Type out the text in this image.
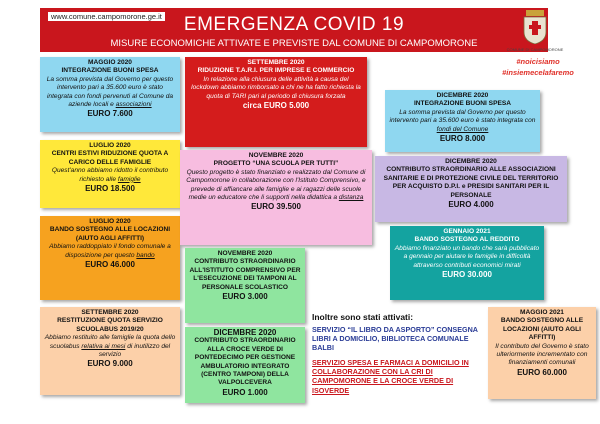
www.comune.campomorone.ge.it	EMERGENZA COVID 19
MISURE ECONOMICHE ATTIVATE E PREVISTE DAL COMUNE DI CAMPOMORONE
COMUNE DI CAMPOMORONE
#noicisiamo
#insiemecelafaremo
MAGGIO 2020
INTEGRAZIONE BUONI SPESA
La somma prevista dal Governo per questo intervento pari a 35.600 euro è stato integrata con fondi pervenuti al Comune da aziende locali e associazioni
EURO 7.600
LUGLIO 2020
CENTRI ESTIVI RIDUZIONE QUOTA A CARICO DELLE FAMIGLIE
Quest'anno abbiamo ridotto il contributo richiesto alle famiglie
EURO 18.500
LUGLIO 2020
BANDO SOSTEGNO ALLE LOCAZIONI (AIUTO AGLI AFFITTI)
Abbiamo raddoppiato il fondo comunale a disposizione per questo bando
EURO 46.000
SETTEMBRE 2020
RESTITUZIONE QUOTA SERVIZIO SCUOLABUS 2019/20
Abbiamo restituito alle famiglie la quota dello scuolabus relativa ai mesi di inutilizzo del servizio
EURO 9.000
SETTEMBRE 2020
RIDUZIONE T.A.R.I. PER IMPRESE E COMMERCIO
In relazione alla chiusura delle attività a causa del lockdown abbiamo rimborsato a chi ne ha fatto richiesta la quota di TARI pari al periodo di chiusura forzata
circa EURO 5.000
NOVEMBRE 2020
PROGETTO “UNA SCUOLA PER TUTTI”
Questo progetto è stato finanziato e realizzato dal Comune di Campomorone in collaborazione con l'Istituto Comprensivo, e prevede di affiancare alle famiglie e ai ragazzi delle scuole medie un educatore che li supporti nella didattica a distanza
EURO 39.500
NOVEMBRE 2020
CONTRIBUTO STRAORDINARIO ALL'ISTITUTO COMPRENSIVO PER L'ESECUZIONE DEI TAMPONI AL PERSONALE SCOLASTICO
EURO 3.000
DICEMBRE 2020
CONTRIBUTO STRAORDINARIO ALLA CROCE VERDE DI PONTEDECIMO PER GESTIONE AMBULATORIO INTEGRATO (CENTRO TAMPONI) DELLA VALPOLCEVERA
EURO 1.000
DICEMBRE 2020
INTEGRAZIONE BUONI SPESA
La somma prevista dal Governo per questo intervento pari a 35.600 euro è stato integrata con fondi del Comune
EURO 8.000
DICEMBRE 2020
CONTRIBUTO STRAORDINARIO ALLE ASSOCIAZIONI SANITARIE E DI PROTEZIONE CIVILE DEL TERRITORIO PER ACQUISTO D.P.I. e PRESIDI SANITARI PER IL PERSONALE
EURO 4.000
GENNAIO 2021
BANDO SOSTEGNO AL REDDITO
Abbiamo finanziato un bando che sarà pubblicato a gennaio per aiutare le famiglie in difficoltà attraverso contributi economici mirati
EURO 30.000
MAGGIO 2021
BANDO SOSTEGNO ALLE LOCAZIONI (AIUTO AGLI AFFITTI)
Il contributo del Governo è stato ulteriormente incrementato con finanziamenti comunali
EURO 60.000
Inoltre sono stati attivati:
SERVIZIO “IL LIBRO DA ASPORTO” CONSEGNA LIBRI A DOMICILIO, BIBLIOTECA COMUNALE BALBI
SERVIZIO SPESA E FARMACI A DOMICILIO IN COLLABORAZIONE CON LA CRI DI CAMPOMORONE E LA CROCE VERDE DI ISOVERDE
